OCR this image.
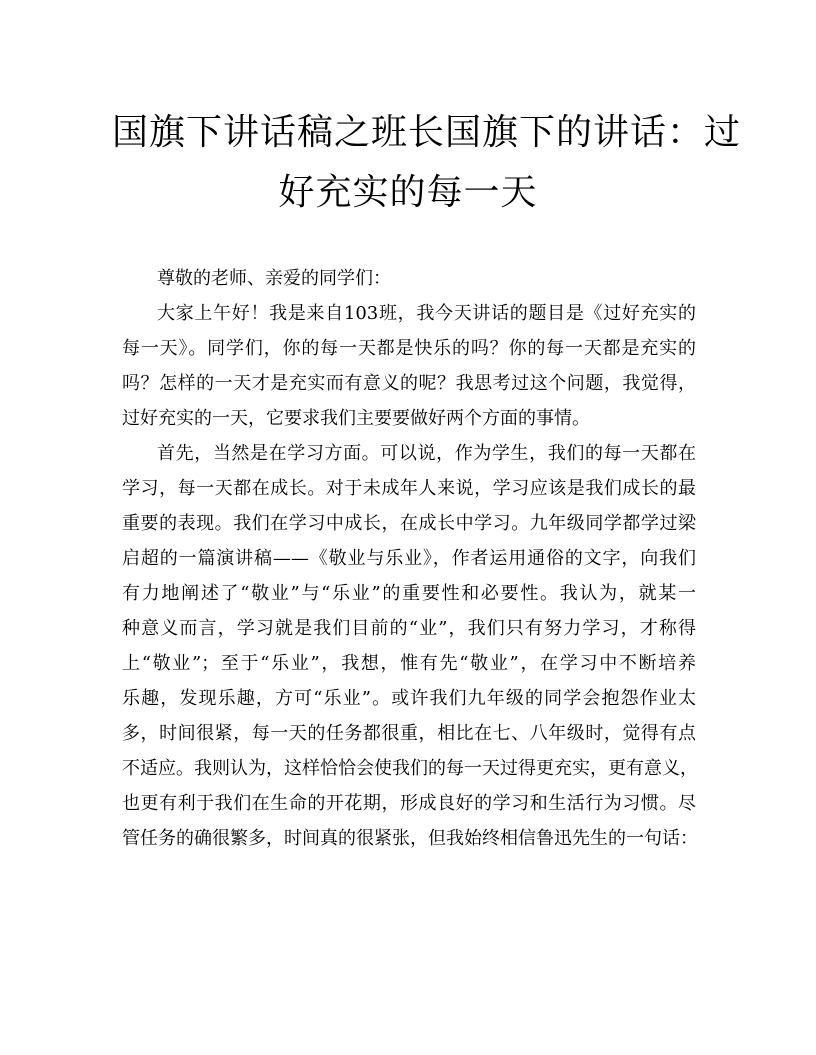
国旗下讲话稿之班长国旗下的讲话：过
好充实的每一天
尊敬的老师、亲爱的同学们：
大家上午好！我是来自103班，我今天讲话的题目是《过好充实的
每一天》。同学们，你的每一天都是快乐的吗？你的每一天都是充实的
吗？怎样的一天才是充实而有意义的呢？我思考过这个问题，我觉得，
过好充实的一天，它要求我们主要要做好两个方面的事情。
首先，当然是在学习方面。可以说，作为学生，我们的每一天都在
学习，每一天都在成长。对于未成年人来说，学习应该是我们成长的最
重要的表现。我们在学习中成长，在成长中学习。九年级同学都学过梁
启超的一篇演讲稿——《敬业与乐业》，作者运用通俗的文字，向我们
有力地阐述了“敬业”与“乐业”的重要性和必要性。我认为，就某一
种意义而言，学习就是我们目前的“业”，我们只有努力学习，才称得
上“敬业”；至于“乐业”，我想，惟有先“敬业”，在学习中不断培养
乐趣，发现乐趣，方可“乐业”。或许我们九年级的同学会抱怨作业太
多，时间很紧，每一天的任务都很重，相比在七、八年级时，觉得有点
不适应。我则认为，这样恰恰会使我们的每一天过得更充实，更有意义，
也更有利于我们在生命的开花期，形成良好的学习和生活行为习惯。尽
管任务的确很繁多，时间真的很紧张，但我始终相信鲁迅先生的一句话：
